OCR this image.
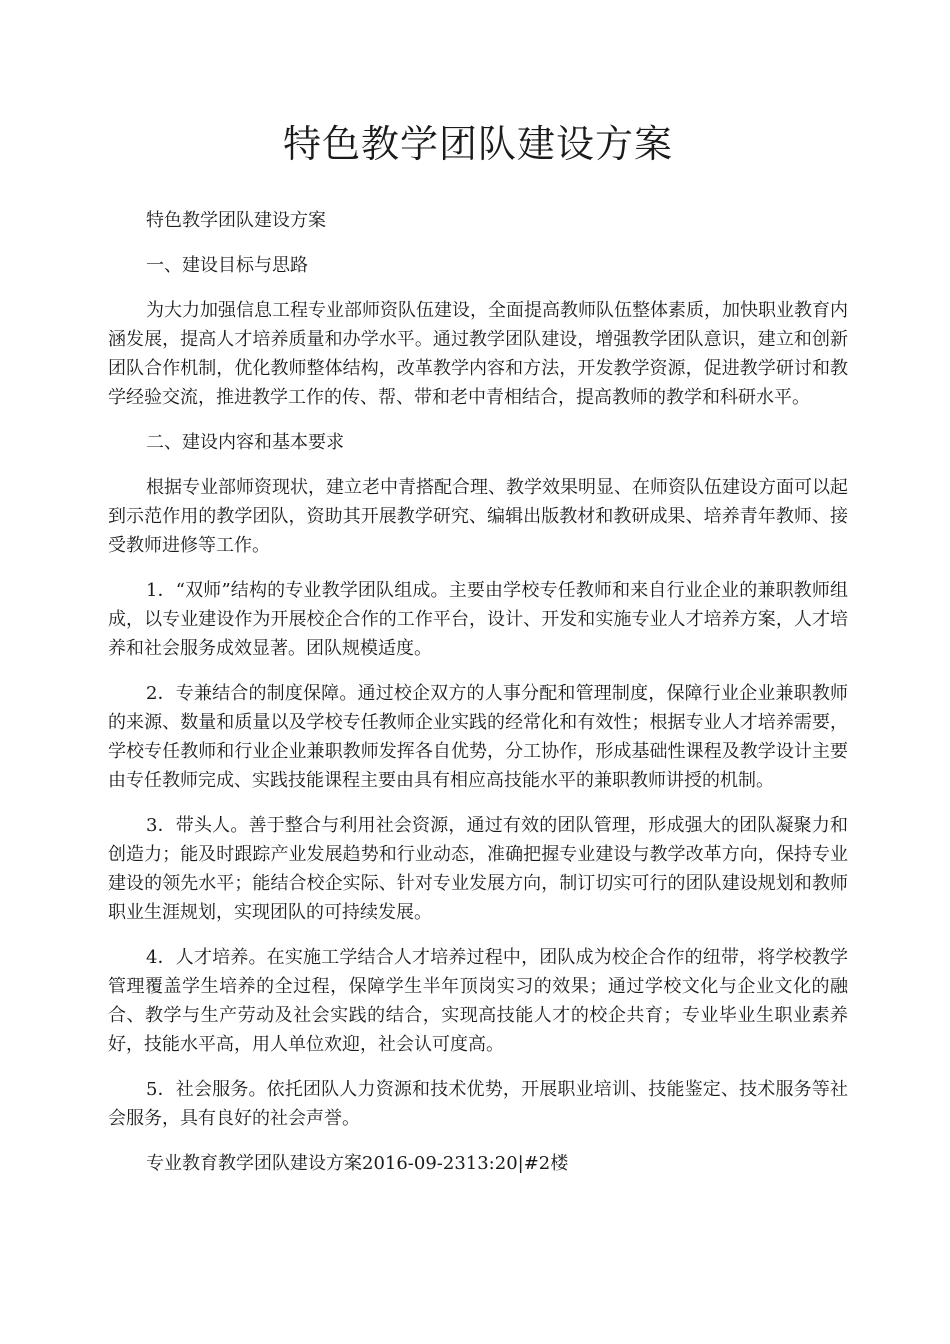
特色教学团队建设方案

特色教学团队建设方案

一、建设目标与思路

为大力加强信息工程专业部师资队伍建设，全面提高教师队伍整体素质，加快职业教育内涵发展，提高人才培养质量和办学水平。通过教学团队建设，增强教学团队意识，建立和创新团队合作机制，优化教师整体结构，改革教学内容和方法，开发教学资源，促进教学研讨和教学经验交流，推进教学工作的传、帮、带和老中青相结合，提高教师的教学和科研水平。

二、建设内容和基本要求

根据专业部师资现状，建立老中青搭配合理、教学效果明显、在师资队伍建设方面可以起到示范作用的教学团队，资助其开展教学研究、编辑出版教材和教研成果、培养青年教师、接受教师进修等工作。

1．“双师”结构的专业教学团队组成。主要由学校专任教师和来自行业企业的兼职教师组成，以专业建设作为开展校企合作的工作平台，设计、开发和实施专业人才培养方案，人才培养和社会服务成效显著。团队规模适度。

2．专兼结合的制度保障。通过校企双方的人事分配和管理制度，保障行业企业兼职教师的来源、数量和质量以及学校专任教师企业实践的经常化和有效性；根据专业人才培养需要，学校专任教师和行业企业兼职教师发挥各自优势，分工协作，形成基础性课程及教学设计主要由专任教师完成、实践技能课程主要由具有相应高技能水平的兼职教师讲授的机制。

3．带头人。善于整合与利用社会资源，通过有效的团队管理，形成强大的团队凝聚力和创造力；能及时跟踪产业发展趋势和行业动态，准确把握专业建设与教学改革方向，保持专业建设的领先水平；能结合校企实际、针对专业发展方向，制订切实可行的团队建设规划和教师职业生涯规划，实现团队的可持续发展。

4．人才培养。在实施工学结合人才培养过程中，团队成为校企合作的纽带，将学校教学管理覆盖学生培养的全过程，保障学生半年顶岗实习的效果；通过学校文化与企业文化的融合、教学与生产劳动及社会实践的结合，实现高技能人才的校企共育；专业毕业生职业素养好，技能水平高，用人单位欢迎，社会认可度高。

5．社会服务。依托团队人力资源和技术优势，开展职业培训、技能鉴定、技术服务等社会服务，具有良好的社会声誉。

专业教育教学团队建设方案2016-09-2313:20|#2楼
